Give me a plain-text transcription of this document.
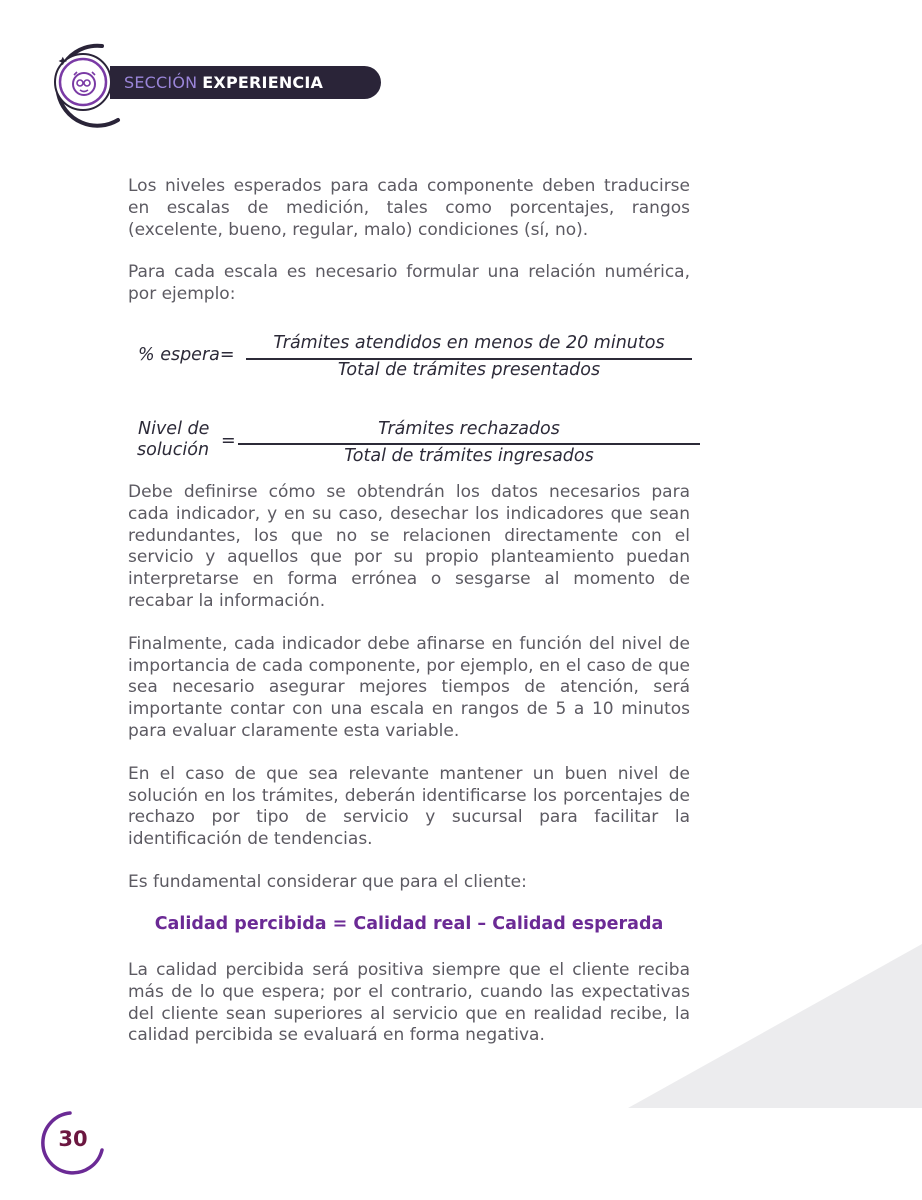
SECCIÓN EXPERIENCIA

Los niveles esperados para cada componente deben traducirse en escalas de medición, tales como porcentajes, rangos (excelente, bueno, regular, malo) condiciones (sí, no).

Para cada escala es necesario formular una relación numérica, por ejemplo:

% espera=
Trámites atendidos en menos de 20 minutos
Total de trámites presentados
Nivel de
solución =
Trámites rechazados
Total de trámites ingresados

Debe definirse cómo se obtendrán los datos necesarios para cada indicador, y en su caso, desechar los indicadores que sean redundantes, los que no se relacionen directamente con el servicio y aquellos que por su propio planteamiento puedan interpretarse en forma errónea o sesgarse al momento de recabar la información.

Finalmente, cada indicador debe afinarse en función del nivel de importancia de cada componente, por ejemplo, en el caso de que sea necesario asegurar mejores tiempos de atención, será importante contar con una escala en rangos de 5 a 10 minutos para evaluar claramente esta variable.

En el caso de que sea relevante mantener un buen nivel de solución en los trámites, deberán identificarse los porcentajes de rechazo por tipo de servicio y sucursal para facilitar la identificación de tendencias.

Es fundamental considerar que para el cliente:

Calidad percibida = Calidad real – Calidad esperada

La calidad percibida será positiva siempre que el cliente reciba más de lo que espera; por el contrario, cuando las expectativas del cliente sean superiores al servicio que en realidad recibe, la calidad percibida se evaluará en forma negativa.

30
